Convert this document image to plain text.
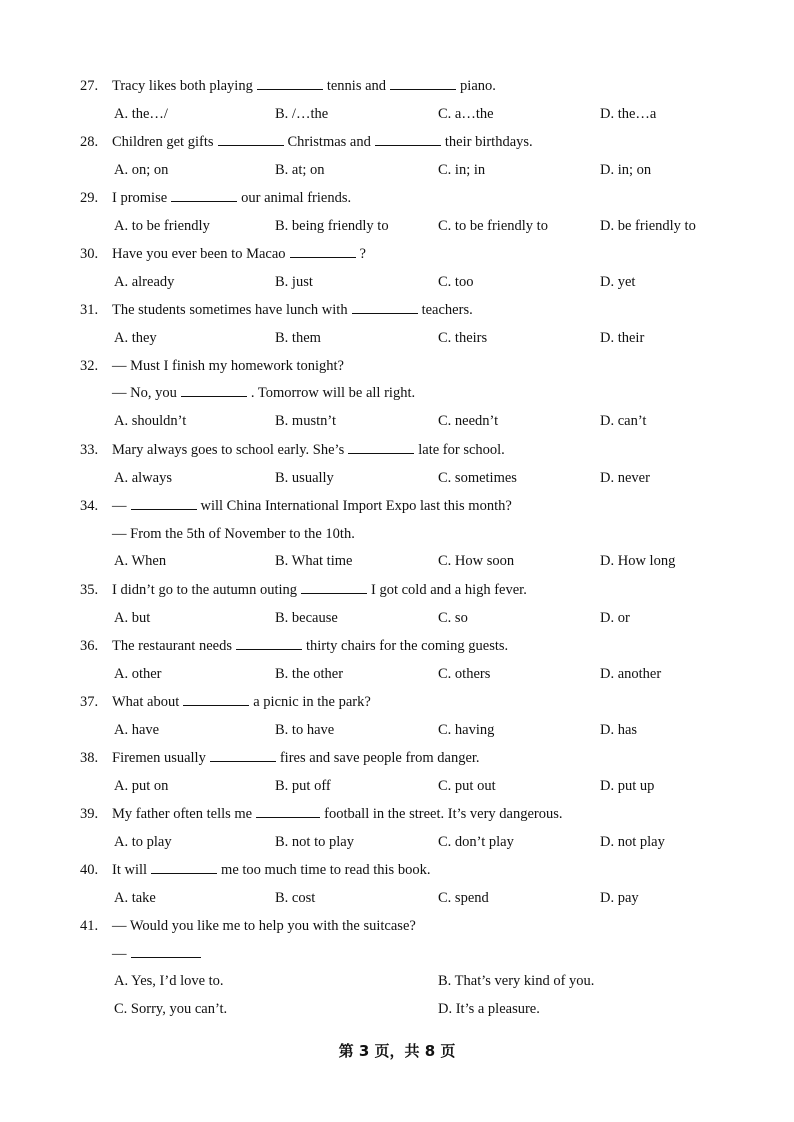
27. Tracy likes both playing	tennis and	piano.
A. the…/	B. /…the	C. a…the	D. the…a
28. Children get gifts	Christmas and	their birthdays.
A. on; on	B. at; on	C. in; in	D. in; on
29. I promise	our animal friends.
A. to be friendly	B. being friendly to	C. to be friendly to	D. be friendly to
30. Have you ever been to Macao	?
A. already	B. just	C. too	D. yet
31. The students sometimes have lunch with	teachers.
A. they	B. them	C. theirs	D. their
32. — Must I finish my homework tonight?
— No, you	. Tomorrow will be all right.
A. shouldn’t	B. mustn’t	C. needn’t	D. can’t
33. Mary always goes to school early. She’s	late for school.
A. always	B. usually	C. sometimes	D. never
34. —	will China International Import Expo last this month?
— From the 5th of November to the 10th.
A. When	B. What time	C. How soon	D. How long
35. I didn’t go to the autumn outing	I got cold and a high fever.
A. but	B. because	C. so	D. or
36. The restaurant needs	thirty chairs for the coming guests.
A. other	B. the other	C. others	D. another
37. What about	a picnic in the park?
A. have	B. to have	C. having	D. has
38. Firemen usually	fires and save people from danger.
A. put on	B. put off	C. put out	D. put up
39. My father often tells me	football in the street. It’s very dangerous.
A. to play	B. not to play	C. don’t play	D. not play
40. It will	me too much time to read this book.
A. take	B. cost	C. spend	D. pay
41. — Would you like me to help you with the suitcase?
—
A. Yes, I’d love to.	B. That’s very kind of you.
C. Sorry, you can’t.	D. It’s a pleasure.
第 3 页，共 8 页
